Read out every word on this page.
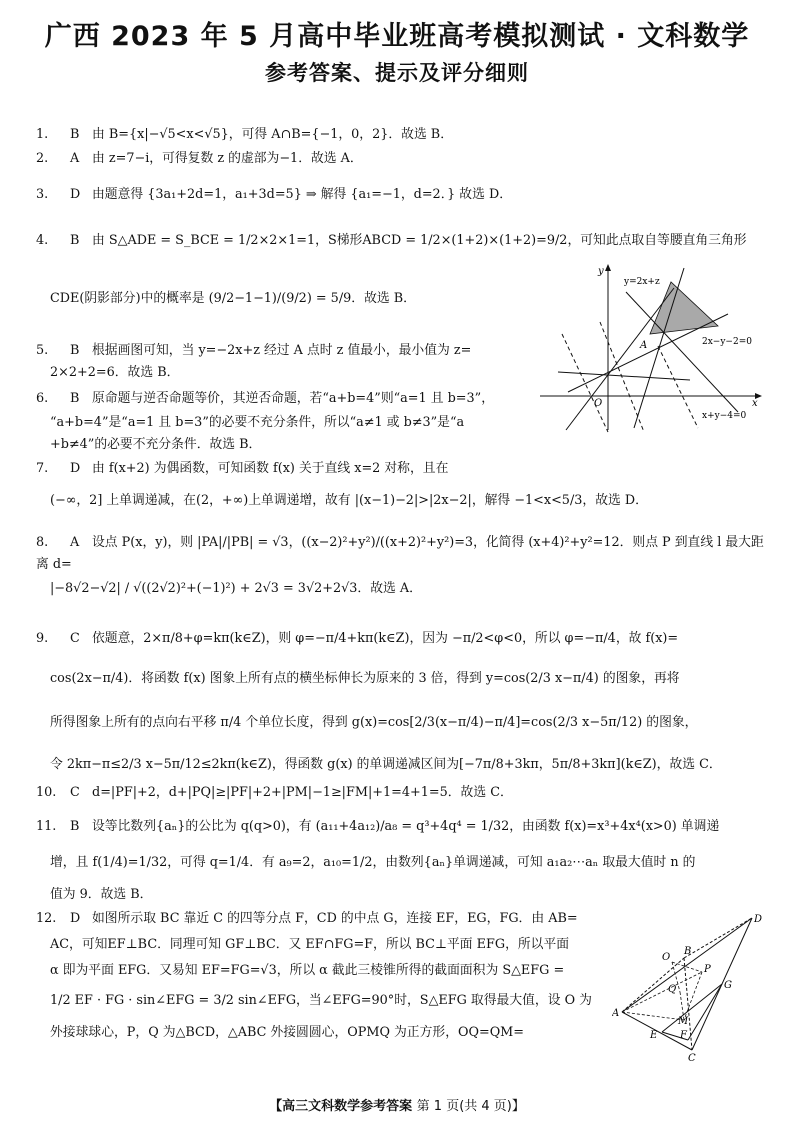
广西 2023 年 5 月高中毕业班高考模拟测试 · 文科数学
参考答案、提示及评分细则
1. B 由 B={x|−√5<x<√5}，可得 A∩B={−1，0，2}．故选 B．
2. A 由 z=7−i，可得复数 z 的虚部为−1．故选 A．
3. D 由题意得 {3a₁+2d=1，a₁+3d=5} ⇒ 解得 {a₁=−1，d=2．} 故选 D．
4. B 由 S△ADE = S_BCE = 1/2×2×1=1，S梯形ABCD = 1/2×(1+2)×(1+2)=9/2，可知此点取自等腰直角三角形
CDE(阴影部分)中的概率是 (9/2−1−1)/(9/2) = 5/9．故选 B．
5. B 根据画图可知，当 y=−2x+z 经过 A 点时 z 值最小，最小值为 z=
2×2+2=6．故选 B．
6. B 原命题与逆否命题等价，其逆否命题，若“a+b=4”则“a=1 且 b=3”，
“a+b=4”是“a=1 且 b=3”的必要不充分条件，所以“a≠1 或 b≠3”是“a
+b≠4”的必要不充分条件．故选 B．
7. D 由 f(x+2) 为偶函数，可知函数 f(x) 关于直线 x=2 对称，且在
(−∞，2] 上单调递减，在(2，+∞)上单调递增，故有 |(x−1)−2|>|2x−2|，解得 −1<x<5/3，故选 D．
8. A 设点 P(x，y)，则 |PA|/|PB| = √3，((x−2)²+y²)/((x+2)²+y²)=3，化简得 (x+4)²+y²=12．则点 P 到直线 l 最大距离 d=
|−8√2−√2| / √((2√2)²+(−1)²) + 2√3 = 3√2+2√3．故选 A．
9. C 依题意，2×π/8+φ=kπ(k∈Z)，则 φ=−π/4+kπ(k∈Z)，因为 −π/2<φ<0，所以 φ=−π/4，故 f(x)=
cos(2x−π/4)．将函数 f(x) 图象上所有点的横坐标伸长为原来的 3 倍，得到 y=cos(2/3 x−π/4) 的图象，再将
所得图象上所有的点向右平移 π/4 个单位长度，得到 g(x)=cos[2/3(x−π/4)−π/4]=cos(2/3 x−5π/12) 的图象，
令 2kπ−π≤2/3 x−5π/12≤2kπ(k∈Z)，得函数 g(x) 的单调递减区间为[−7π/8+3kπ，5π/8+3kπ](k∈Z)，故选 C．
10. C d=|PF|+2，d+|PQ|≥|PF|+2+|PM|−1≥|FM|+1=4+1=5．故选 C．
11. B 设等比数列{aₙ}的公比为 q(q>0)，有 (a₁₁+4a₁₂)/a₈ = q³+4q⁴ = 1/32，由函数 f(x)=x³+4x⁴(x>0) 单调递
增，且 f(1/4)=1/32，可得 q=1/4．有 a₉=2，a₁₀=1/2，由数列{aₙ}单调递减，可知 a₁a₂⋯aₙ 取最大值时 n 的
值为 9．故选 B．
12. D 如图所示取 BC 靠近 C 的四等分点 F，CD 的中点 G，连接 EF，EG，FG．由 AB=
AC，可知EF⊥BC．同理可知 GF⊥BC．又 EF∩FG=F，所以 BC⊥平面 EFG，所以平面
α 即为平面 EFG．又易知 EF=FG=√3，所以 α 截此三棱锥所得的截面面积为 S△EFG =
1/2 EF · FG · sin∠EFG = 3/2 sin∠EFG，当∠EFG=90°时，S△EFG 取得最大值，设 O 为
外接球球心，P，Q 为△BCD，△ABC 外接圆圆心，OPMQ 为正方形，OQ=QM=
y
x
O
A
y=2x+z
2x−y−2=0
x+y−4=0
A
B
C
D
E F
G
M
O
P
Q
【高三文科数学参考答案 第 1 页(共 4 页)】
